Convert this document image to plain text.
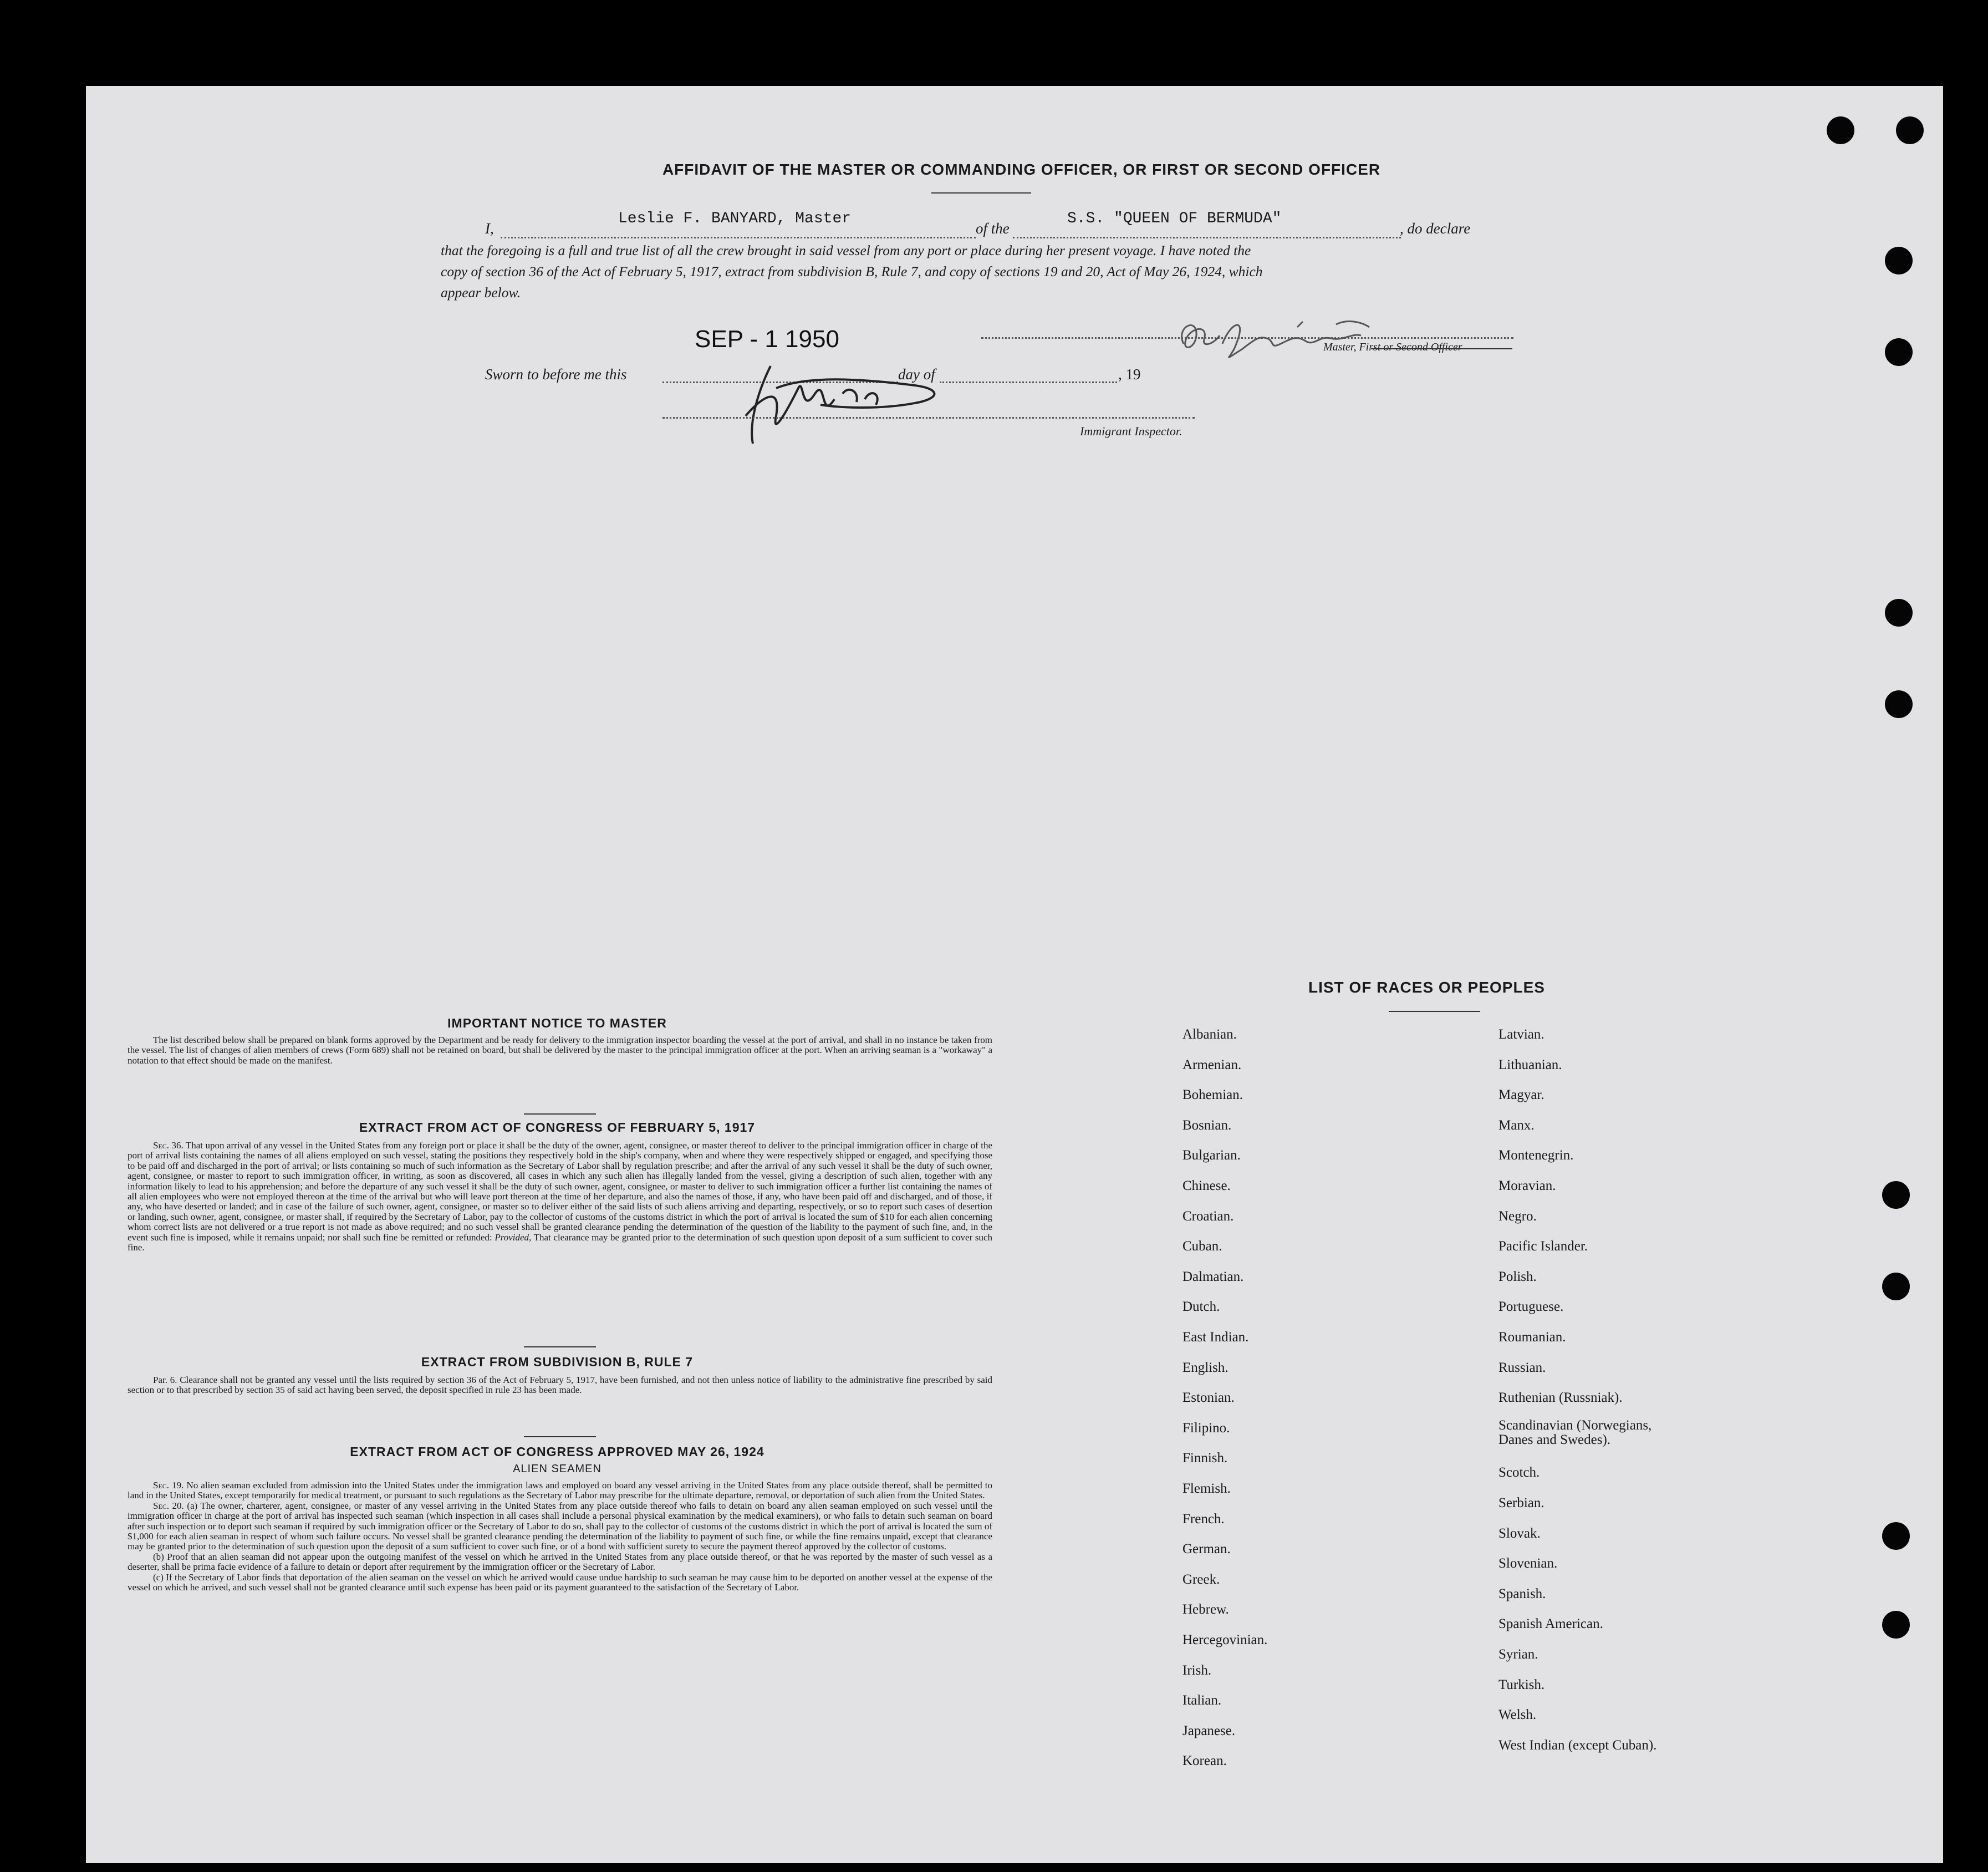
AFFIDAVIT OF THE MASTER OR COMMANDING OFFICER, OR FIRST OR SECOND OFFICER
I,
Leslie F. BANYARD, Master
of the
S.S. "QUEEN OF BERMUDA"
, do declare
that the foregoing is a full and true list of all the crew brought in said vessel from any port or place during her present voyage. I have noted the
copy of section 36 of the Act of February 5, 1917, extract from subdivision B, Rule 7, and copy of sections 19 and 20, Act of May 26, 1924, which
appear below.
SEP - 1 1950	Master, First or Second Officer
Sworn to before me this	day of	, 19
Immigrant Inspector.
IMPORTANT NOTICE TO MASTER

The list described below shall be prepared on blank forms approved by the Department and be ready for delivery to the immigration inspector boarding the vessel at the port of arrival, and shall in no instance be taken from the vessel. The list of changes of alien members of crews (Form 689) shall not be retained on board, but shall be delivered by the master to the principal immigration officer at the port. When an arriving seaman is a "workaway" a notation to that effect should be made on the manifest.

EXTRACT FROM ACT OF CONGRESS OF FEBRUARY 5, 1917

Sec. 36. That upon arrival of any vessel in the United States from any foreign port or place it shall be the duty of the owner, agent, consignee, or master thereof to deliver to the principal immigration officer in charge of the port of arrival lists containing the names of all aliens employed on such vessel, stating the positions they respectively hold in the ship's company, when and where they were respectively shipped or engaged, and specifying those to be paid off and discharged in the port of arrival; or lists containing so much of such information as the Secretary of Labor shall by regulation prescribe; and after the arrival of any such vessel it shall be the duty of such owner, agent, consignee, or master to report to such immigration officer, in writing, as soon as discovered, all cases in which any such alien has illegally landed from the vessel, giving a description of such alien, together with any information likely to lead to his apprehension; and before the departure of any such vessel it shall be the duty of such owner, agent, consignee, or master to deliver to such immigration officer a further list containing the names of all alien employees who were not employed thereon at the time of the arrival but who will leave port thereon at the time of her departure, and also the names of those, if any, who have been paid off and discharged, and of those, if any, who have deserted or landed; and in case of the failure of such owner, agent, consignee, or master so to deliver either of the said lists of such aliens arriving and departing, respectively, or so to report such cases of desertion or landing, such owner, agent, consignee, or master shall, if required by the Secretary of Labor, pay to the collector of customs of the customs district in which the port of arrival is located the sum of $10 for each alien concerning whom correct lists are not delivered or a true report is not made as above required; and no such vessel shall be granted clearance pending the determination of the question of the liability to the payment of such fine, and, in the event such fine is imposed, while it remains unpaid; nor shall such fine be remitted or refunded: Provided, That clearance may be granted prior to the determination of such question upon deposit of a sum sufficient to cover such fine.

EXTRACT FROM SUBDIVISION B, RULE 7

Par. 6. Clearance shall not be granted any vessel until the lists required by section 36 of the Act of February 5, 1917, have been furnished, and not then unless notice of liability to the administrative fine prescribed by said section or to that prescribed by section 35 of said act having been served, the deposit specified in rule 23 has been made.

EXTRACT FROM ACT OF CONGRESS APPROVED MAY 26, 1924
ALIEN SEAMEN

Sec. 19. No alien seaman excluded from admission into the United States under the immigration laws and employed on board any vessel arriving in the United States from any place outside thereof, shall be permitted to land in the United States, except temporarily for medical treatment, or pursuant to such regulations as the Secretary of Labor may prescribe for the ultimate departure, removal, or deportation of such alien from the United States.

Sec. 20. (a) The owner, charterer, agent, consignee, or master of any vessel arriving in the United States from any place outside thereof who fails to detain on board any alien seaman employed on such vessel until the immigration officer in charge at the port of arrival has inspected such seaman (which inspection in all cases shall include a personal physical examination by the medical examiners), or who fails to detain such seaman on board after such inspection or to deport such seaman if required by such immigration officer or the Secretary of Labor to do so, shall pay to the collector of customs of the customs district in which the port of arrival is located the sum of $1,000 for each alien seaman in respect of whom such failure occurs. No vessel shall be granted clearance pending the determination of the liability to payment of such fine, or while the fine remains unpaid, except that clearance may be granted prior to the determination of such question upon the deposit of a sum sufficient to cover such fine, or of a bond with sufficient surety to secure the payment thereof approved by the collector of customs.

(b) Proof that an alien seaman did not appear upon the outgoing manifest of the vessel on which he arrived in the United States from any place outside thereof, or that he was reported by the master of such vessel as a deserter, shall be prima facie evidence of a failure to detain or deport after requirement by the immigration officer or the Secretary of Labor.

(c) If the Secretary of Labor finds that deportation of the alien seaman on the vessel on which he arrived would cause undue hardship to such seaman he may cause him to be deported on another vessel at the expense of the vessel on which he arrived, and such vessel shall not be granted clearance until such expense has been paid or its payment guaranteed to the satisfaction of the Secretary of Labor.

LIST OF RACES OR PEOPLES
Albanian.
Armenian.
Bohemian.
Bosnian.
Bulgarian.
Chinese.
Croatian.
Cuban.
Dalmatian.
Dutch.
East Indian.
English.
Estonian.
Filipino.
Finnish.
Flemish.
French.
German.
Greek.
Hebrew.
Hercegovinian.
Irish.
Italian.
Japanese.
Korean.
Latvian.
Lithuanian.
Magyar.
Manx.
Montenegrin.
Moravian.
Negro.
Pacific Islander.
Polish.
Portuguese.
Roumanian.
Russian.
Ruthenian (Russniak).
Scandinavian (Norwegians, Danes and Swedes).
Scotch.
Serbian.
Slovak.
Slovenian.
Spanish.
Spanish American.
Syrian.
Turkish.
Welsh.
West Indian (except Cuban).
